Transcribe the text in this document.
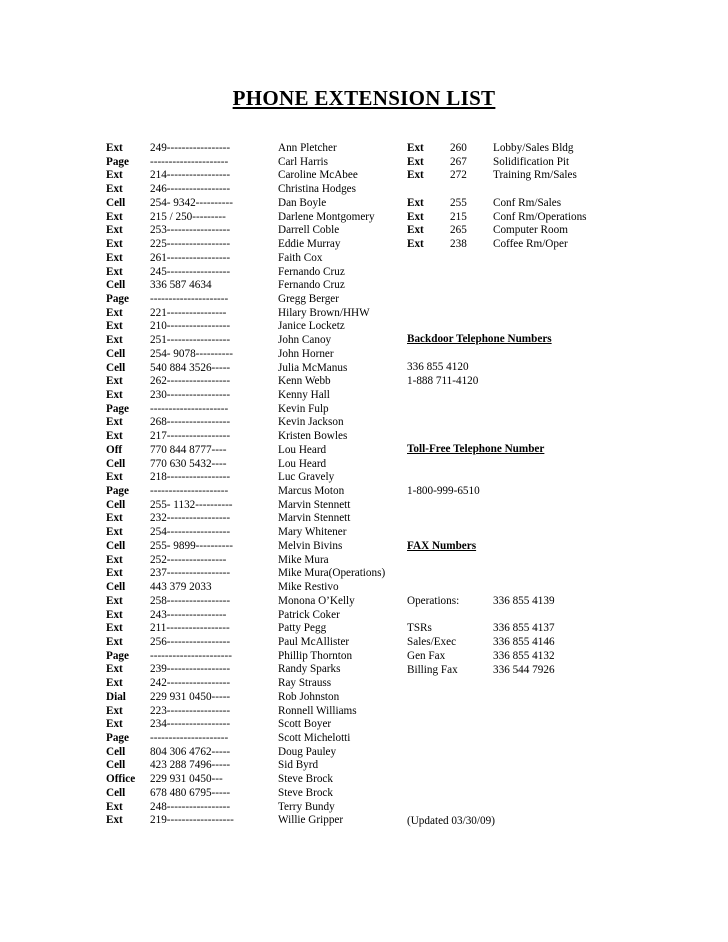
PHONE EXTENSION LIST
Ext 249-----------------	Ann Pletcher
Page ---------------------	Carl Harris
Ext 214-----------------	Caroline McAbee
Ext 246-----------------	Christina Hodges
Cell 254- 9342----------	Dan Boyle
Ext 215 / 250---------	Darlene Montgomery
Ext 253-----------------	Darrell Coble
Ext 225-----------------	Eddie Murray
Ext 261-----------------	Faith Cox
Ext 245-----------------	Fernando Cruz
Cell 336 587 4634	Fernando Cruz
Page ---------------------	Gregg Berger
Ext 221----------------	Hilary Brown/HHW
Ext 210-----------------	Janice Locketz
Ext 251-----------------	John Canoy
Cell 254- 9078----------	John Horner
Cell 540 884 3526-----	Julia McManus
Ext 262-----------------	Kenn Webb
Ext 230-----------------	Kenny Hall
Page ---------------------	Kevin Fulp
Ext 268-----------------	Kevin Jackson
Ext 217-----------------	Kristen Bowles
Off 770 844 8777----	Lou Heard
Cell 770 630 5432----	Lou Heard
Ext 218-----------------	Luc Gravely
Page ---------------------	Marcus Moton
Cell 255- 1132----------	Marvin Stennett
Ext 232-----------------	Marvin Stennett
Ext 254-----------------	Mary Whitener
Cell 255- 9899----------	Melvin Bivins
Ext 252----------------	Mike Mura
Ext 237-----------------	Mike Mura(Operations)
Cell 443 379 2033	Mike Restivo
Ext 258-----------------	Monona O’Kelly
Ext 243----------------	Patrick Coker
Ext 211-----------------	Patty Pegg
Ext 256-----------------	Paul McAllister
Page ----------------------	Phillip Thornton
Ext 239-----------------	Randy Sparks
Ext 242-----------------	Ray Strauss
Dial 229 931 0450-----	Rob Johnston
Ext 223-----------------	Ronnell Williams
Ext 234-----------------	Scott Boyer
Page ---------------------	Scott Michelotti
Cell 804 306 4762-----	Doug Pauley
Cell 423 288 7496-----	Sid Byrd
Office 229 931 0450---	Steve Brock
Cell 678 480 6795-----	Steve Brock
Ext 248-----------------	Terry Bundy
Ext 219------------------	Willie Gripper
Ext 260 Lobby/Sales Bldg
Ext 267 Solidification Pit
Ext 272 Training Rm/Sales
Ext 255 Conf Rm/Sales
Ext 215 Conf Rm/Operations
Ext 265 Computer Room
Ext 238 Coffee Rm/Oper
Backdoor Telephone Numbers
336 855 4120
1-888 711-4120
Toll-Free Telephone Number
1-800-999-6510
FAX Numbers
Operations:	336 855 4139
TSRs	336 855 4137
Sales/Exec	336 855 4146
Gen Fax	336 855 4132
Billing Fax	336 544 7926
(Updated 03/30/09)
